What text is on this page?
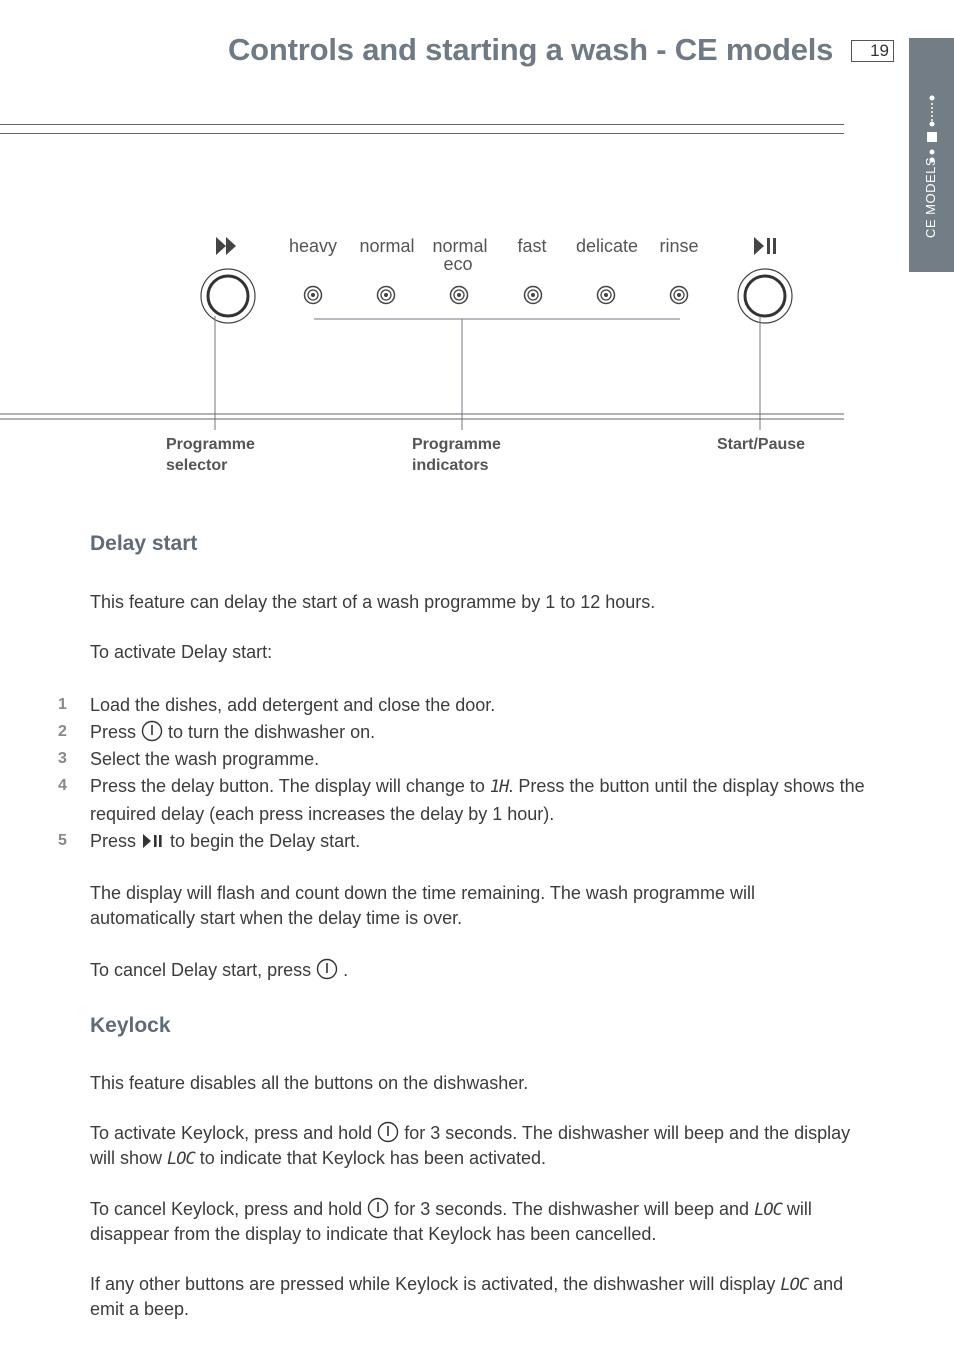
Controls and starting a wash - CE models	19
CE MODELS
heavy	normal normal
eco
fast	delicate	rinse
Programme
selector
Programme
indicators
Start/Pause
Delay start
This feature can delay the start of a wash programme by 1 to 12 hours.
To activate Delay start:
1 Load the dishes, add detergent and close the door.
2 Press to turn the dishwasher on.
3 Select the wash programme.
4 Press the delay button. The display will change to 1H. Press the button until the display shows the
required delay (each press increases the delay by 1 hour).
5 Press to begin the Delay start.
The display will flash and count down the time remaining. The wash programme will
automatically start when the delay time is over.
To cancel Delay start, press .
Keylock
This feature disables all the buttons on the dishwasher.
To activate Keylock, press and hold for 3 seconds. The dishwasher will beep and the display
will show LOC to indicate that Keylock has been activated.
To cancel Keylock, press and hold for 3 seconds. The dishwasher will beep and LOC will
disappear from the display to indicate that Keylock has been cancelled.
If any other buttons are pressed while Keylock is activated, the dishwasher will display LOC and
emit a beep.
